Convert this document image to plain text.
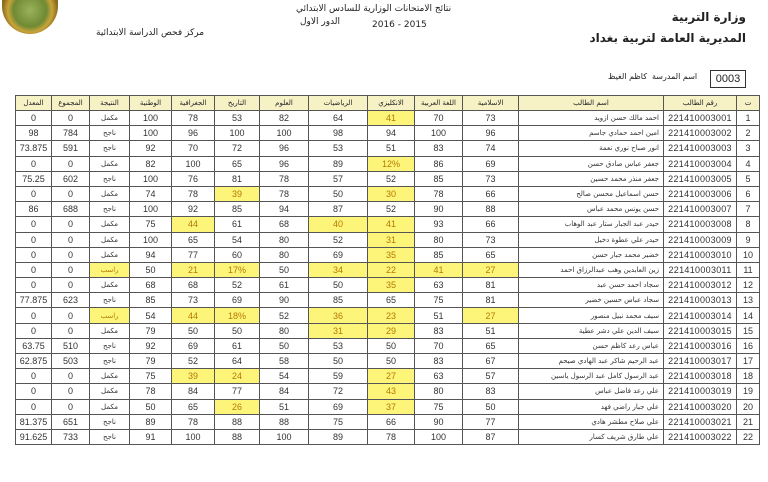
وزارة التربية
المديرية العامة لتربية بغداد
نتائج الامتحانات الوزارية للسادس الابتدائي
الدور الاول	2016 - 2015
مركز فحص الدراسة الابتدائية
0003
اسم المدرسة
كاظم الغيظ
ت	رقم الطالب	اسم الطالب	الاسلامية	اللغة العربية	الانكليزي	الرياضيات	العلوم	التاريخ	الجغرافية	الوطنية	النتيجة	المجموع	المعدل
1	221410003001	احمد مالك حسن ازويد	73	70	41	64	82	53	78	100	مكمل	0	0
2	221410003002	امين احمد حمادي جاسم	96	100	94	98	100	100	96	100	ناجح	784	98
3	221410003003	انور صباح نوري نعمة	74	83	51	53	96	72	70	92	ناجح	591	73.875
4	221410003004	جعفر عباس صادق حسن	69	86	12%	89	96	65	100	82	مكمل	0	0
5	221410003005	جعفر منذر محمد حسين	73	85	52	57	78	81	76	100	ناجح	602	75.25
6	221410003006	حسن اسماعيل محسن صالح	66	78	30	50	78	39	78	74	مكمل	0	0
7	221410003007	حسن يونس محمد عباس	88	90	52	87	94	85	92	100	ناجح	688	86
8	221410003008	حيدر عبد الجبار ستار عبد الوهاب	66	93	41	40	68	61	44	75	مكمل	0	0
9	221410003009	حيدر علي عطوة دخيل	73	80	31	52	80	54	65	100	مكمل	0	0
10	221410003010	خضير محمد جبار حسن	65	85	35	69	80	60	77	94	مكمل	0	0
11	221410003011	زين العابدين وهب عبدالرزاق احمد	27	41	22	34	50	17%	21	50	راسب	0	0
12	221410003012	سجاد احمد حسن عبد	81	63	35	50	61	52	68	68	مكمل	0	0
13	221410003013	سجاد عباس حسين خضير	81	75	65	85	90	69	73	85	ناجح	623	77.875
14	221410003014	سيف محمد نبيل منصور	27	51	23	36	52	18%	44	54	راسب	0	0
15	221410003015	سيف الدين علي دشر عطية	51	83	29	31	80	50	50	79	مكمل	0	0
16	221410003016	عباس رعد كاظم حسن	65	70	50	53	50	61	69	92	ناجح	510	63.75
17	221410003017	عبد الرحيم شاكر عبد الهادي صيحم	67	83	50	50	58	64	52	79	ناجح	503	62.875
18	221410003018	عبد الرسول كامل عبد الرسول ياسين	57	63	27	59	54	24	39	75	مكمل	0	0
19	221410003019	علي رعد فاضل عباس	83	80	43	72	84	77	84	78	مكمل	0	0
20	221410003020	علي جبار راضي فهد	50	75	37	69	51	26	65	50	مكمل	0	0
21	221410003021	علي صلاح مطشر هادي	77	90	66	75	88	88	78	89	ناجح	651	81.375
22	221410003022	علي طارق شريف كسار	87	100	78	89	100	88	100	91	ناجح	733	91.625
